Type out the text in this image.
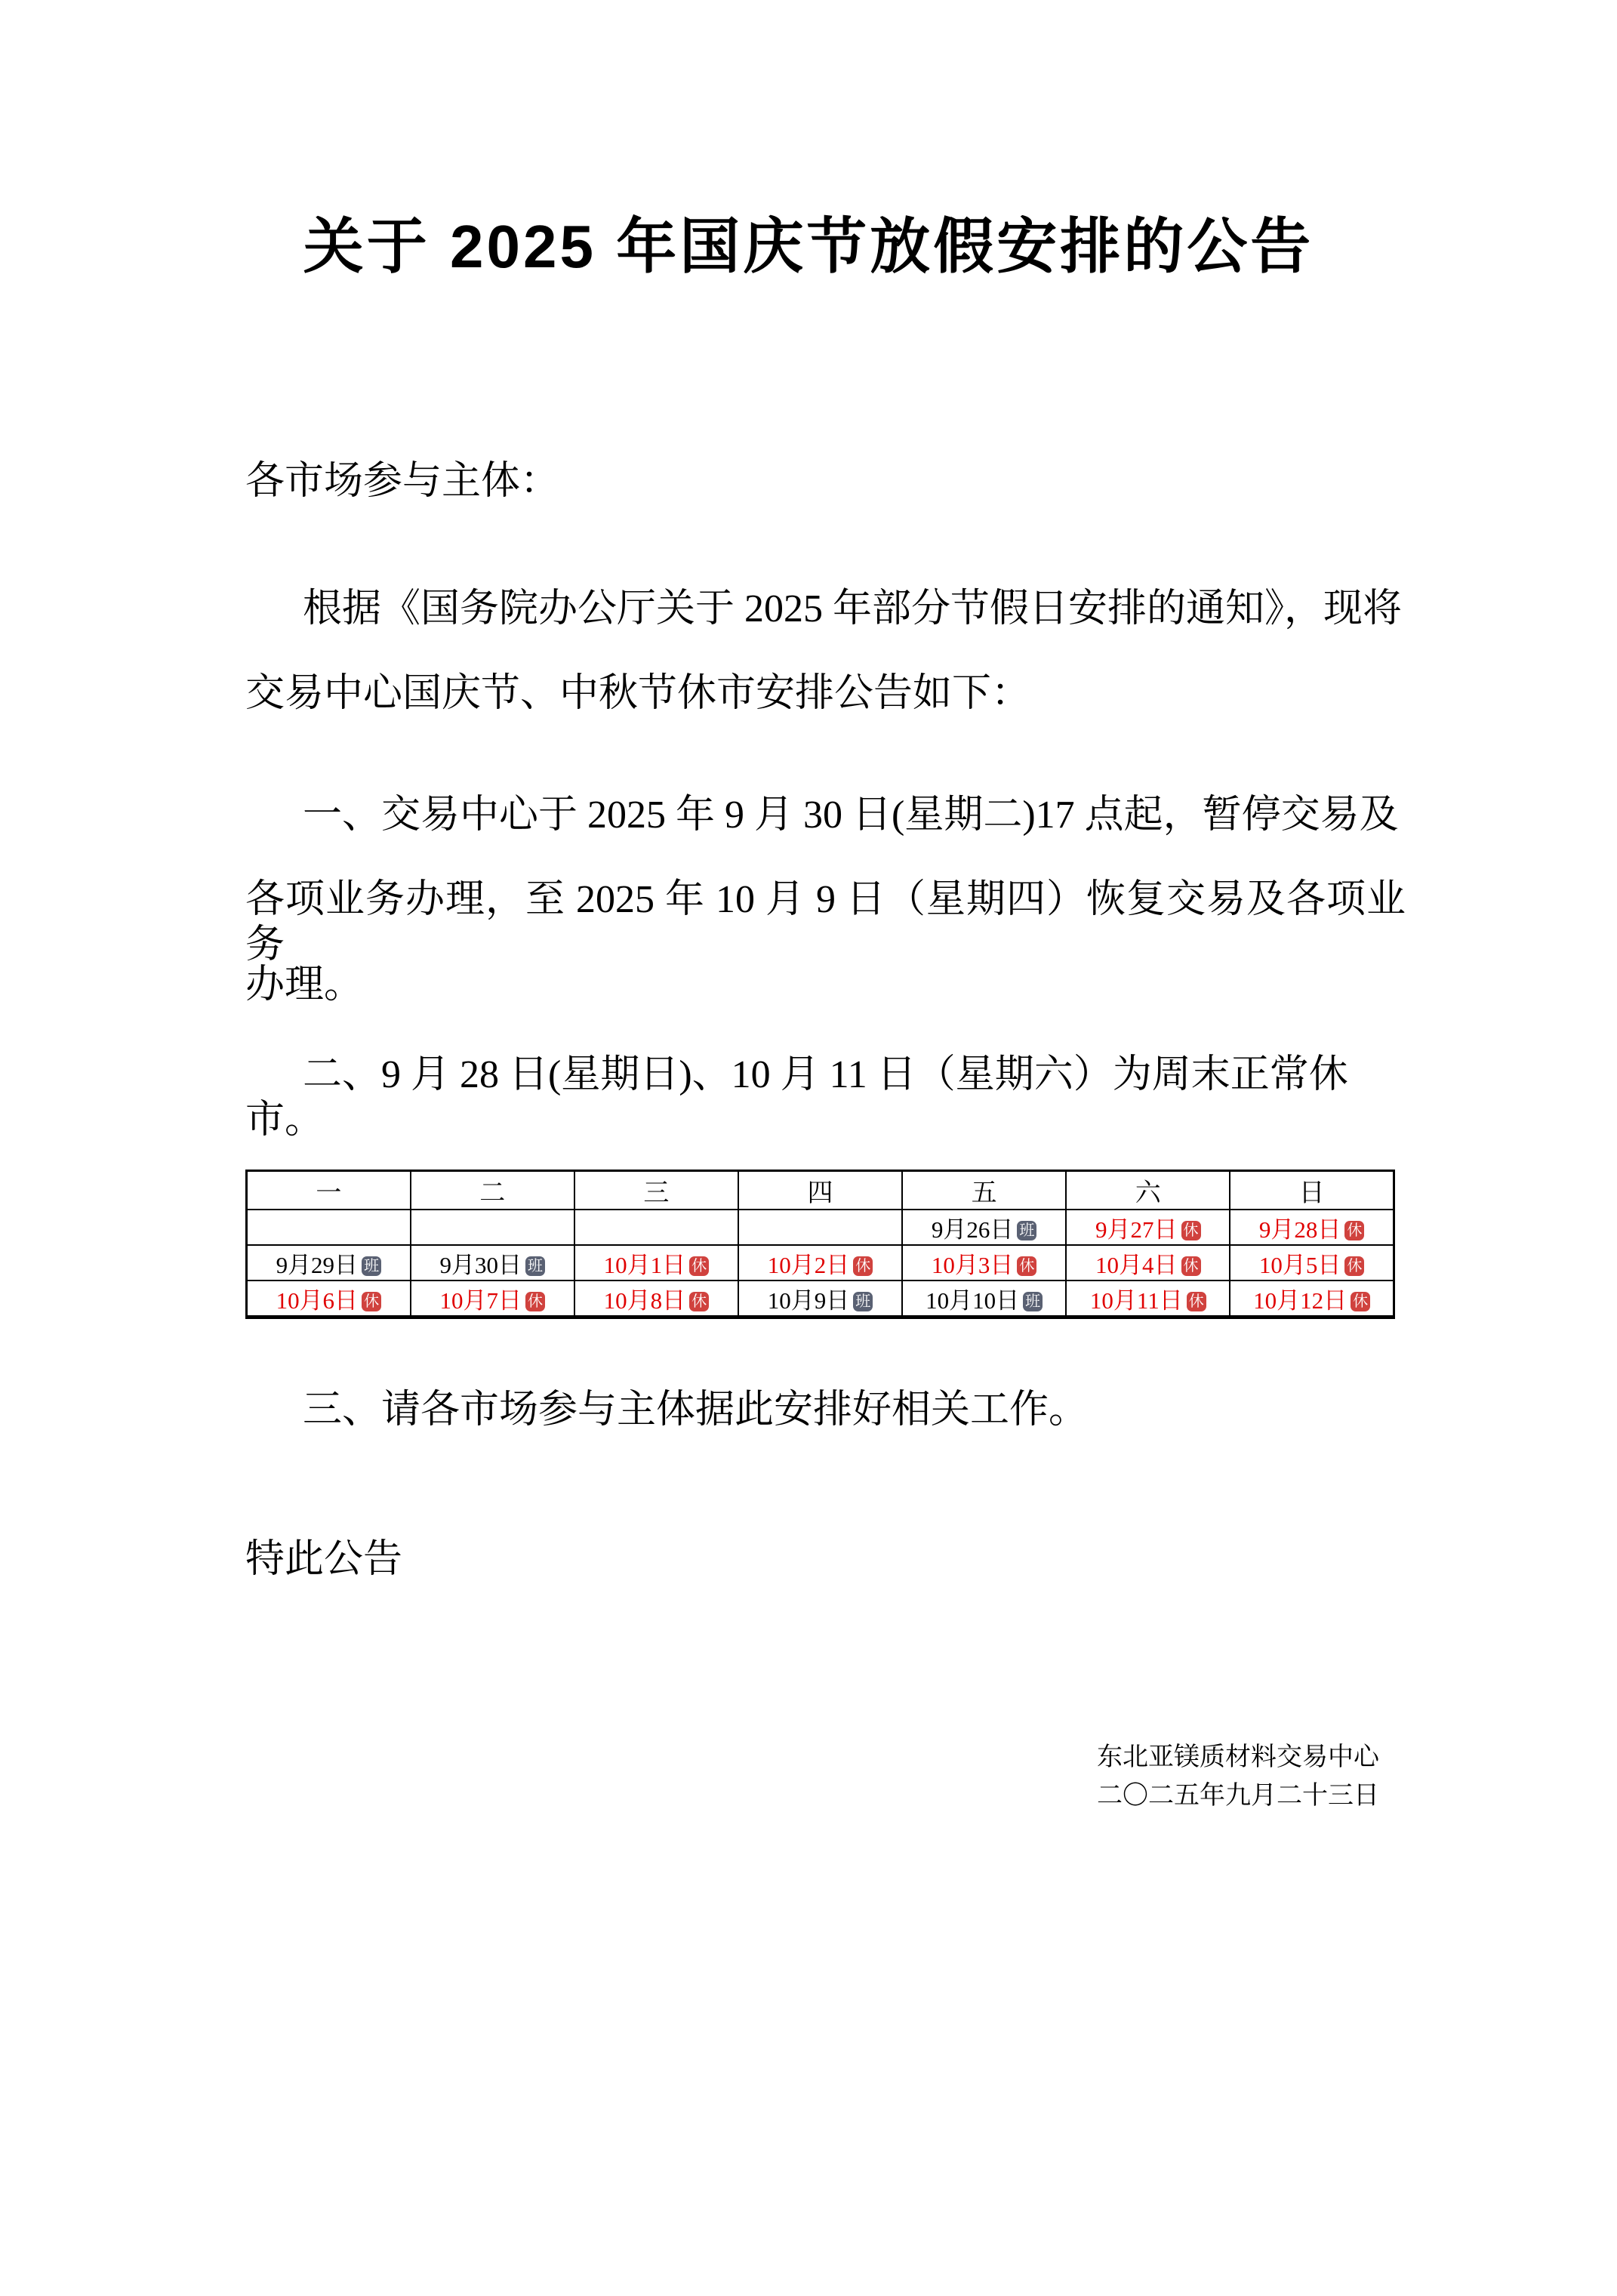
关于 2025 年国庆节放假安排的公告
各市场参与主体：
根据《国务院办公厅关于 2025 年部分节假日安排的通知》，现将
交易中心国庆节、中秋节休市安排公告如下：
一、交易中心于 2025 年 9 月 30 日(星期二)17 点起，暂停交易及
各项业务办理，至 2025 年 10 月 9 日（星期四）恢复交易及各项业务
办理。
二、9 月 28 日(星期日)、10 月 11 日（星期六）为周末正常休市。
一	二	三	四	五	六	日
				9月26日 班	9月27日 休	9月28日 休
9月29日 班	9月30日 班	10月1日 休	10月2日 休	10月3日 休	10月4日 休	10月5日 休
10月6日 休	10月7日 休	10月8日 休	10月9日 班	10月10日 班	10月11日 休	10月12日 休
三、请各市场参与主体据此安排好相关工作。
特此公告
东北亚镁质材料交易中心
二〇二五年九月二十三日
